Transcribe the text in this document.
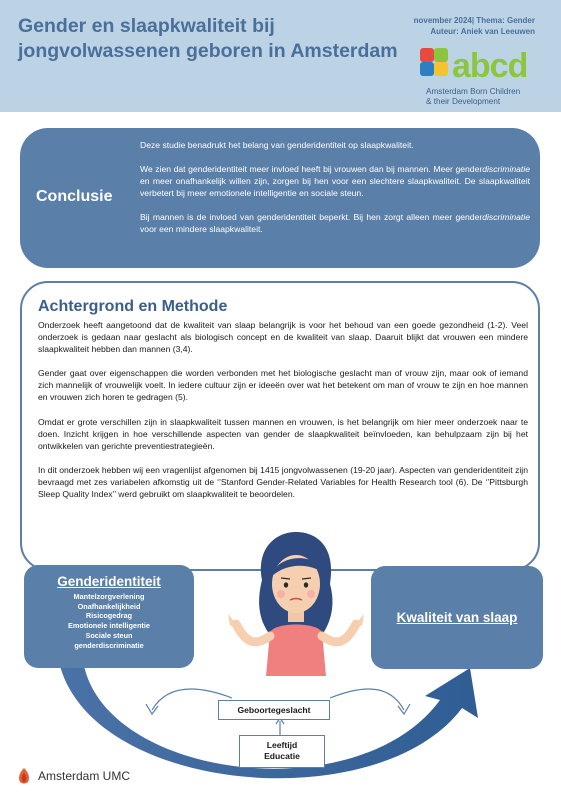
Gender en slaapkwaliteit bij jongvolwassenen geboren in Amsterdam
november 2024| Thema: Gender
Auteur: Aniek van Leeuwen
abcd
Amsterdam Born Children
& their Development
Conclusie

Deze studie benadrukt het belang van genderidentiteit op slaapkwaliteit.

We zien dat genderidentiteit meer invloed heeft bij vrouwen dan bij mannen. Meer genderdiscriminatie en meer onafhankelijk willen zijn, zorgen bij hen voor een slechtere slaapkwaliteit. De slaapkwaliteit verbetert bij meer emotionele intelligentie en sociale steun.

Bij mannen is de invloed van genderidentiteit beperkt. Bij hen zorgt alleen meer genderdiscriminatie voor een mindere slaapkwaliteit.

Achtergrond en Methode

Onderzoek heeft aangetoond dat de kwaliteit van slaap belangrijk is voor het behoud van een goede gezondheid (1-2). Veel onderzoek is gedaan naar geslacht als biologisch concept en de kwaliteit van slaap. Daaruit blijkt dat vrouwen een mindere slaapkwaliteit hebben dan mannen (3,4).

Gender gaat over eigenschappen die worden verbonden met het biologische geslacht man of vrouw zijn, maar ook of iemand zich mannelijk of vrouwelijk voelt. In iedere cultuur zijn er ideeën over wat het betekent om man of vrouw te zijn en hoe mannen en vrouwen zich horen te gedragen (5).

Omdat er grote verschillen zijn in slaapkwaliteit tussen mannen en vrouwen, is het belangrijk om hier meer onderzoek naar te doen. Inzicht krijgen in hoe verschillende aspecten van gender de slaapkwaliteit beïnvloeden, kan behulpzaam zijn bij het ontwikkelen van gerichte preventiestrategieën.

In dit onderzoek hebben wij een vragenlijst afgenomen bij 1415 jongvolwassenen (19-20 jaar). Aspecten van genderidentiteit zijn bevraagd met zes variabelen afkomstig uit de ‘’Stanford Gender-Related Variables for Health Research tool (6). De ‘’Pittsburgh Sleep Quality Index’’ werd gebruikt om slaapkwaliteit te beoordelen.

Genderidentiteit
Mantelzorgverlening
Onafhankelijkheid
Risicogedrag
Emotionele intelligentie
Sociale steun
genderdiscriminatie
Kwaliteit van slaap
Geboortegeslacht
Leeftijd
Educatie
Amsterdam UMC
